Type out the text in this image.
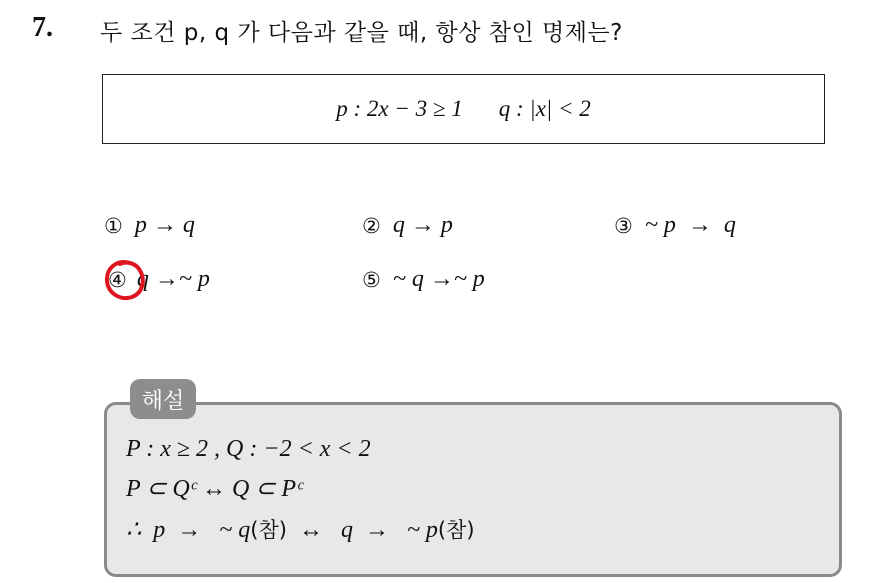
7. 두 조건 p, q 가 다음과 같을 때, 항상 참인 명제는?
p : 2x − 3 ≥ 1 q : |x| < 2
① p → q	② q → p	③ ~ p  →  q
④ q →~ p	⑤ ~ q →~ p
해설
P : x ≥ 2 , Q : −2 < x < 2
P ⊂ Qᶜ ↔ Q ⊂ Pᶜ
∴  p  →   ~ q(참)  ↔   q  →   ~ p(참)
